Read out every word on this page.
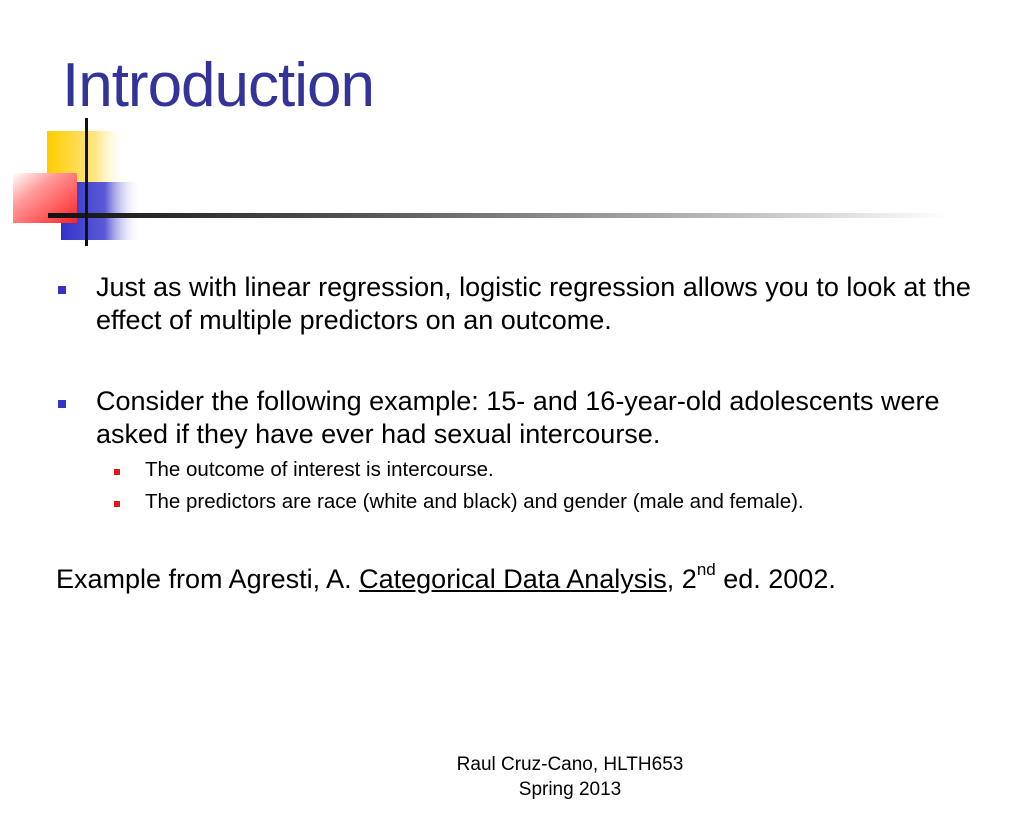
Introduction
Just as with linear regression, logistic regression allows you to look at the effect of multiple predictors on an outcome.
Consider the following example: 15- and 16-year-old adolescents were asked if they have ever had sexual intercourse.
The outcome of interest is intercourse.
The predictors are race (white and black) and gender (male and female).
Example from Agresti, A. Categorical Data Analysis, 2nd ed. 2002.
Raul Cruz-Cano, HLTH653
Spring 2013
